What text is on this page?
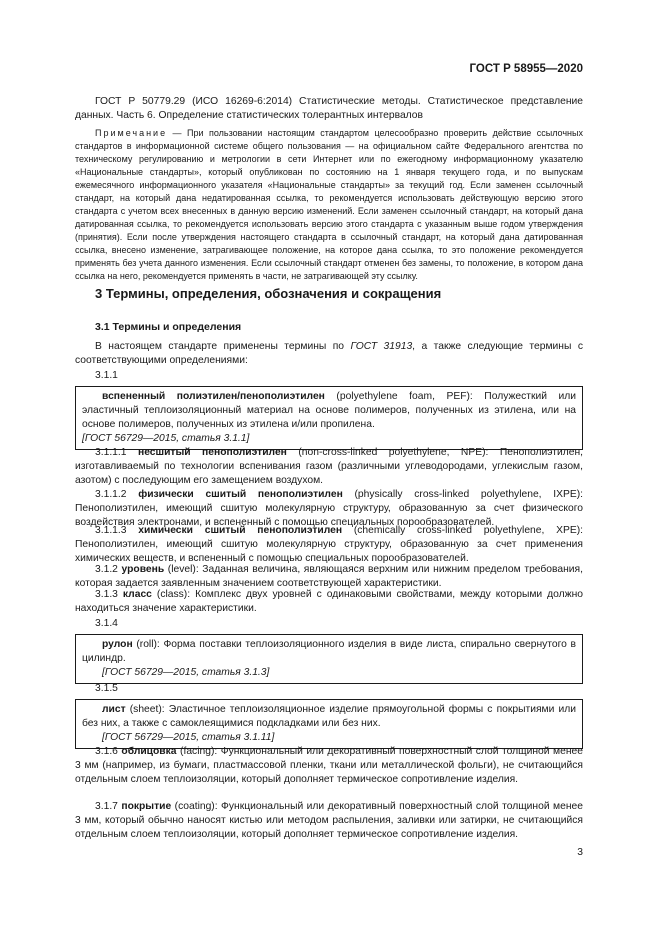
ГОСТ Р 58955—2020

ГОСТ Р 50779.29 (ИСО 16269-6:2014) Статистические методы. Статистическое представление данных. Часть 6. Определение статистических толерантных интервалов

Примечание — При пользовании настоящим стандартом целесообразно проверить действие ссылочных стандартов в информационной системе общего пользования — на официальном сайте Федерального агентства по техническому регулированию и метрологии в сети Интернет или по ежегодному информационному указателю «Национальные стандарты», который опубликован по состоянию на 1 января текущего года, и по выпускам ежемесячного информационного указателя «Национальные стандарты» за текущий год. Если заменен ссылочный стандарт, на который дана недатированная ссылка, то рекомендуется использовать действующую версию этого стандарта с учетом всех внесенных в данную версию изменений. Если заменен ссылочный стандарт, на который дана датированная ссылка, то рекомендуется использовать версию этого стандарта с указанным выше годом утверждения (принятия). Если после утверждения настоящего стандарта в ссылочный стандарт, на который дана датированная ссылка, внесено изменение, затрагивающее положение, на которое дана ссылка, то это положение рекомендуется применять без учета данного изменения. Если ссылочный стандарт отменен без замены, то положение, в котором дана ссылка на него, рекомендуется применять в части, не затрагивающей эту ссылку.

3 Термины, определения, обозначения и сокращения

3.1 Термины и определения

В настоящем стандарте применены термины по ГОСТ 31913, а также следующие термины с соответствующими определениями:

3.1.1

вспененный полиэтилен/пенополиэтилен (polyethylene foam, PEF): Полужесткий или эластичный теплоизоляционный материал на основе полимеров, полученных из этилена, или на основе полимеров, полученных из этилена и/или пропилена.

[ГОСТ 56729—2015, статья 3.1.1]

3.1.1.1 несшитый пенополиэтилен (non-cross-linked polyethylene, NPE): Пенополиэтилен, изготавливаемый по технологии вспенивания газом (различными углеводородами, углекислым газом, азотом) с последующим его замещением воздухом.

3.1.1.2 физически сшитый пенополиэтилен (physically cross-linked polyethylene, IXPE): Пенополиэтилен, имеющий сшитую молекулярную структуру, образованную за счет физического воздействия электронами, и вспененный с помощью специальных порообразователей.

3.1.1.3 химически сшитый пенополиэтилен (chemically cross-linked polyethylene, XPE): Пенополиэтилен, имеющий сшитую молекулярную структуру, образованную за счет применения химических веществ, и вспененный с помощью специальных порообразователей.

3.1.2 уровень (level): Заданная величина, являющаяся верхним или нижним пределом требования, которая задается заявленным значением соответствующей характеристики.

3.1.3 класс (class): Комплекс двух уровней с одинаковыми свойствами, между которыми должно находиться значение характеристики.

3.1.4

рулон (roll): Форма поставки теплоизоляционного изделия в виде листа, спирально свернутого в цилиндр.

[ГОСТ 56729—2015, статья 3.1.3]

3.1.5

лист (sheet): Эластичное теплоизоляционное изделие прямоугольной формы с покрытиями или без них, а также с самоклеящимися подкладками или без них.

[ГОСТ 56729—2015, статья 3.1.11]

3.1.6 облицовка (facing): Функциональный или декоративный поверхностный слой толщиной менее 3 мм (например, из бумаги, пластмассовой пленки, ткани или металлической фольги), не считающийся отдельным слоем теплоизоляции, который дополняет термическое сопротивление изделия.

3.1.7 покрытие (coating): Функциональный или декоративный поверхностный слой толщиной менее 3 мм, который обычно наносят кистью или методом распыления, заливки или затирки, не считающийся отдельным слоем теплоизоляции, который дополняет термическое сопротивление изделия.

3
